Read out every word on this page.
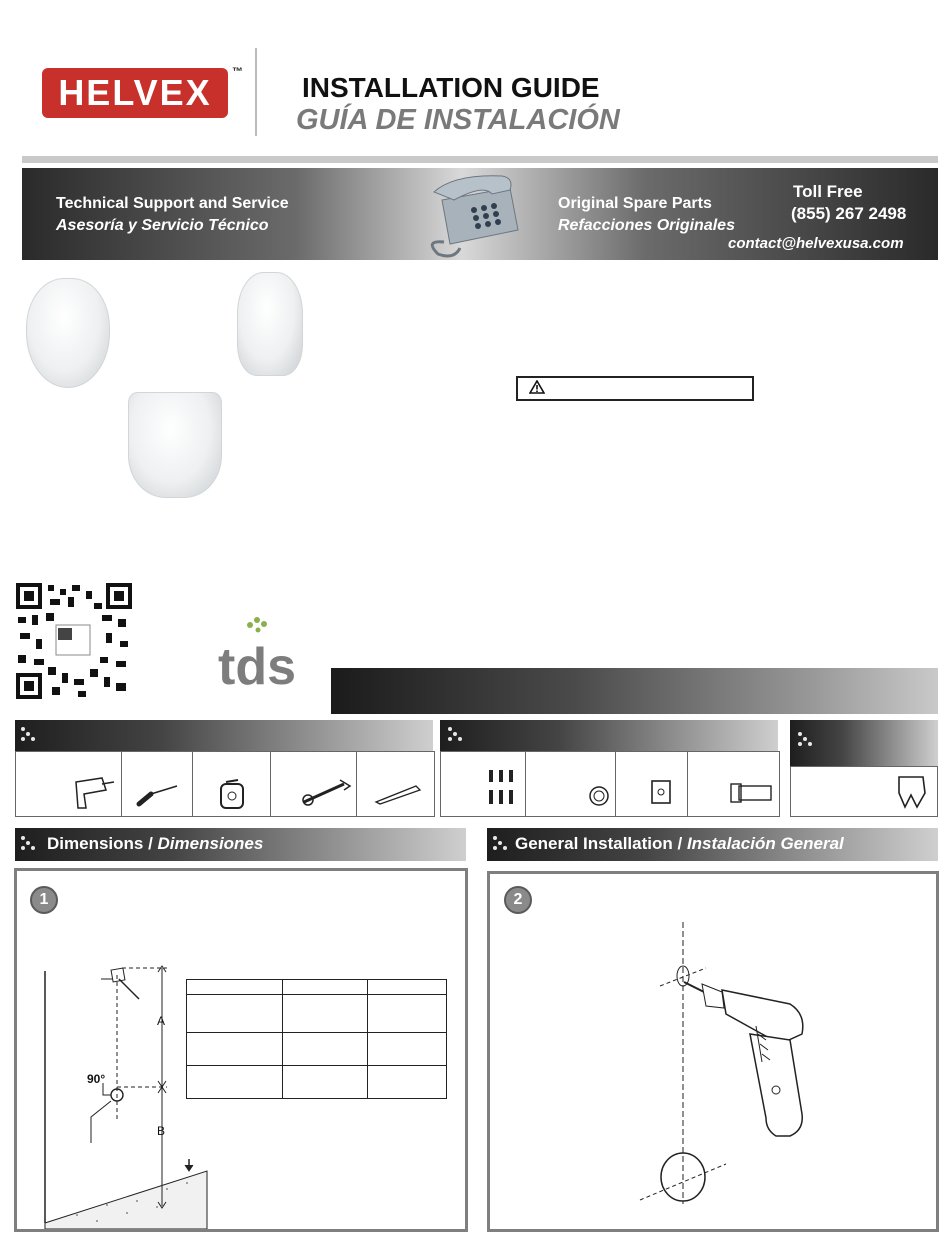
HELVEX	™ INSTALLATION GUIDE
GUÍA DE INSTALACIÓN
Technical Support and Service
Asesoría y Servicio Técnico
Original Spare Parts
Refacciones Originales
Toll Free
(855) 267 2498
contact@helvexusa.com
tds
Dimensions / Dimensiones	General Installation / Instalación General
1
A
B
90°

2
